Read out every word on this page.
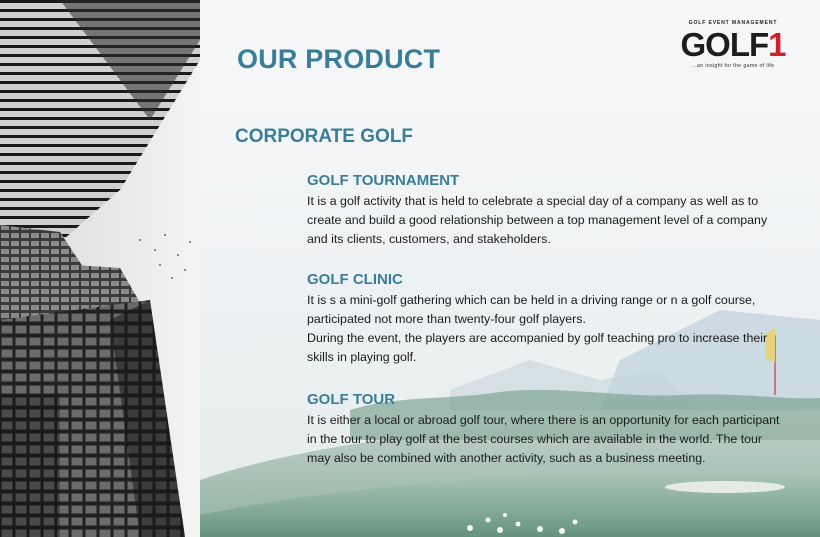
GOLF EVENT MANAGEMENT
GOLF1
...an insight for the game of life
OUR PRODUCT
CORPORATE GOLF
GOLF TOURNAMENT

It is a golf activity that is held to celebrate a special day of a company as well as to create and build a good relationship between a top management level of a company and its clients, customers, and stakeholders.

GOLF CLINIC

It is s a mini-golf gathering which can be held in a driving range or n a golf course, participated not more than twenty-four golf players.

During the event, the players are accompanied by golf teaching pro to increase their skills in playing golf.

GOLF TOUR

It is either a local or abroad golf tour, where there is an opportunity for each participant in the tour to play golf at the best courses which are available in the world. The tour may also be combined with another activity, such as a business meeting.
